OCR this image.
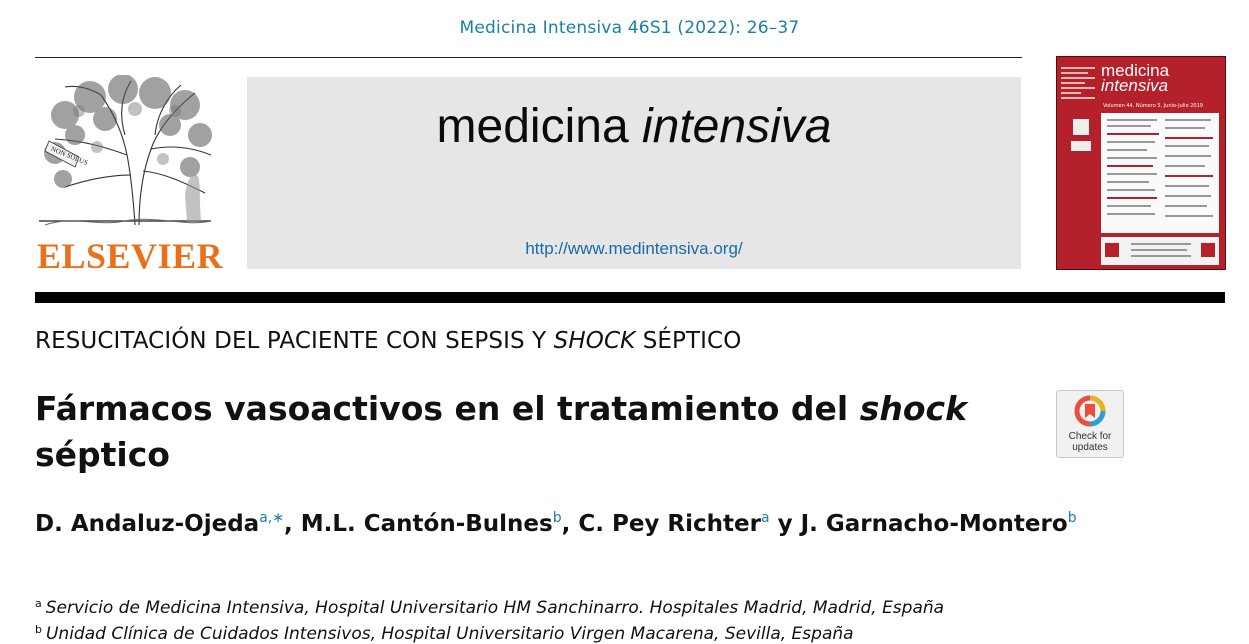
Medicina Intensiva 46S1 (2022): 26–37
NON SOLUS
ELSEVIER
medicina intensiva
http://www.medintensiva.org/
medicina
intensiva
Volumen 44, Número 5, Junio-Julio 2019
RESUCITACIÓN DEL PACIENTE CON SEPSIS Y SHOCK SÉPTICO
Fármacos vasoactivos en el tratamiento del shock
séptico	Check for
updates
D. Andaluz-Ojeda$^{a,∗}$, M.L. Cantón-Bulnes$^b$, C. Pey Richter$^a$ y J. Garnacho-Montero$^b$
$^a$ Servicio de Medicina Intensiva, Hospital Universitario HM Sanchinarro. Hospitales Madrid, Madrid, España
$^b$ Unidad Clínica de Cuidados Intensivos, Hospital Universitario Virgen Macarena, Sevilla, España
